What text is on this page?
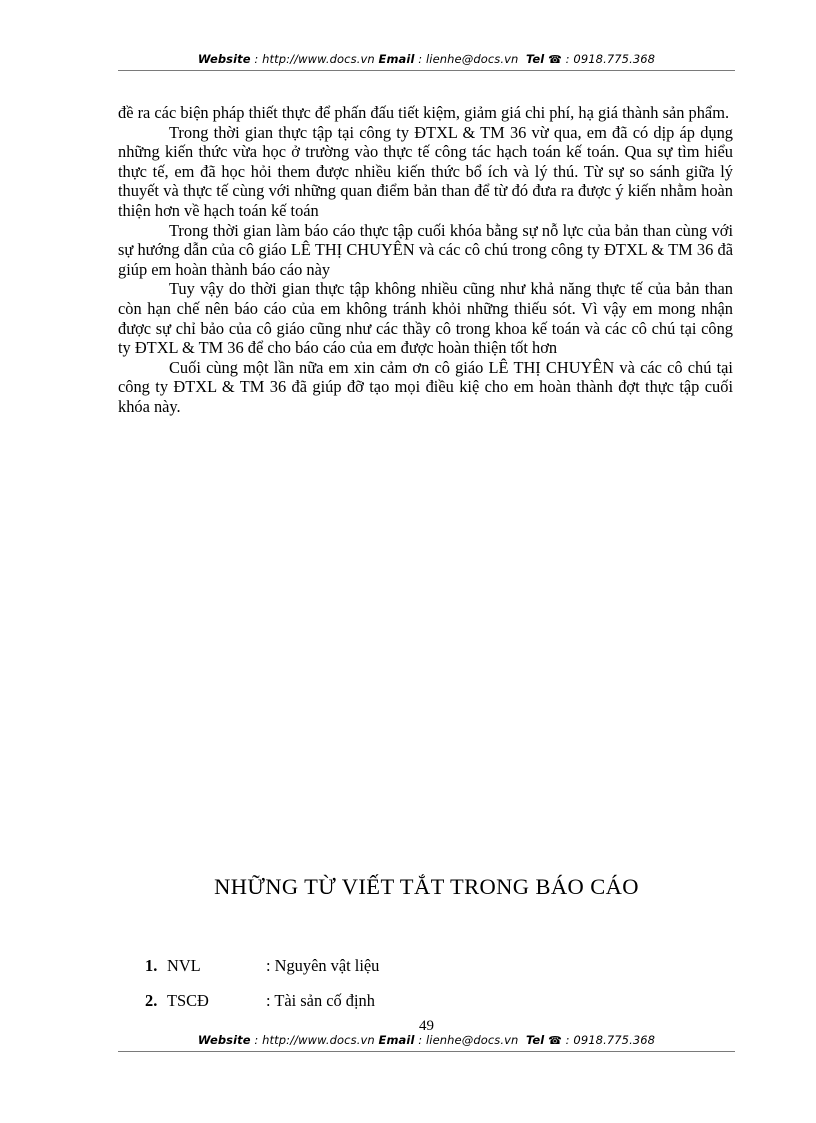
Website : http://www.docs.vn Email : lienhe@docs.vn Tel ☎ : 0918.775.368

đề ra các biện pháp thiết thực để phấn đấu tiết kiệm, giảm giá chi phí, hạ giá thành sản phẩm.

Trong thời gian thực tập tại công ty ĐTXL & TM 36 vừ qua, em đã có dịp áp dụng những kiến thức vừa học ở trường vào thực tế công tác hạch toán kế toán. Qua sự tìm hiểu thực tế, em đã học hỏi them được nhiều kiến thức bổ ích và lý thú. Từ sự so sánh giữa lý thuyết và thực tế cùng với những quan điểm bản than để từ đó đưa ra được ý kiến nhằm hoàn thiện hơn về hạch toán kế toán

Trong thời gian làm báo cáo thực tập cuối khóa bằng sự nỗ lực của bản than cùng với sự hướng dẫn của cô giáo LÊ THỊ CHUYÊN và các cô chú trong công ty ĐTXL & TM 36 đã giúp em hoàn thành báo cáo này

Tuy vậy do thời gian thực tập không nhiều cũng như khả năng thực tế của bản than còn hạn chế nên báo cáo của em không tránh khỏi những thiếu sót. Vì vậy em mong nhận được sự chỉ bảo của cô giáo cũng như các thầy cô trong khoa kế toán và các cô chú tại công ty ĐTXL & TM 36 để cho báo cáo của em được hoàn thiện tốt hơn

Cuối cùng một lần nữa em xin cảm ơn cô giáo LÊ THỊ CHUYÊN và các cô chú tại công ty ĐTXL & TM 36 đã giúp đỡ tạo mọi điều kiệ cho em hoàn thành đợt thực tập cuối khóa này.

NHỮNG TỪ VIẾT TẮT TRONG BÁO CÁO
1. NVL	: Nguyên vật liệu
2. TSCĐ	: Tài sản cố định
49
Website : http://www.docs.vn Email : lienhe@docs.vn Tel ☎ : 0918.775.368
